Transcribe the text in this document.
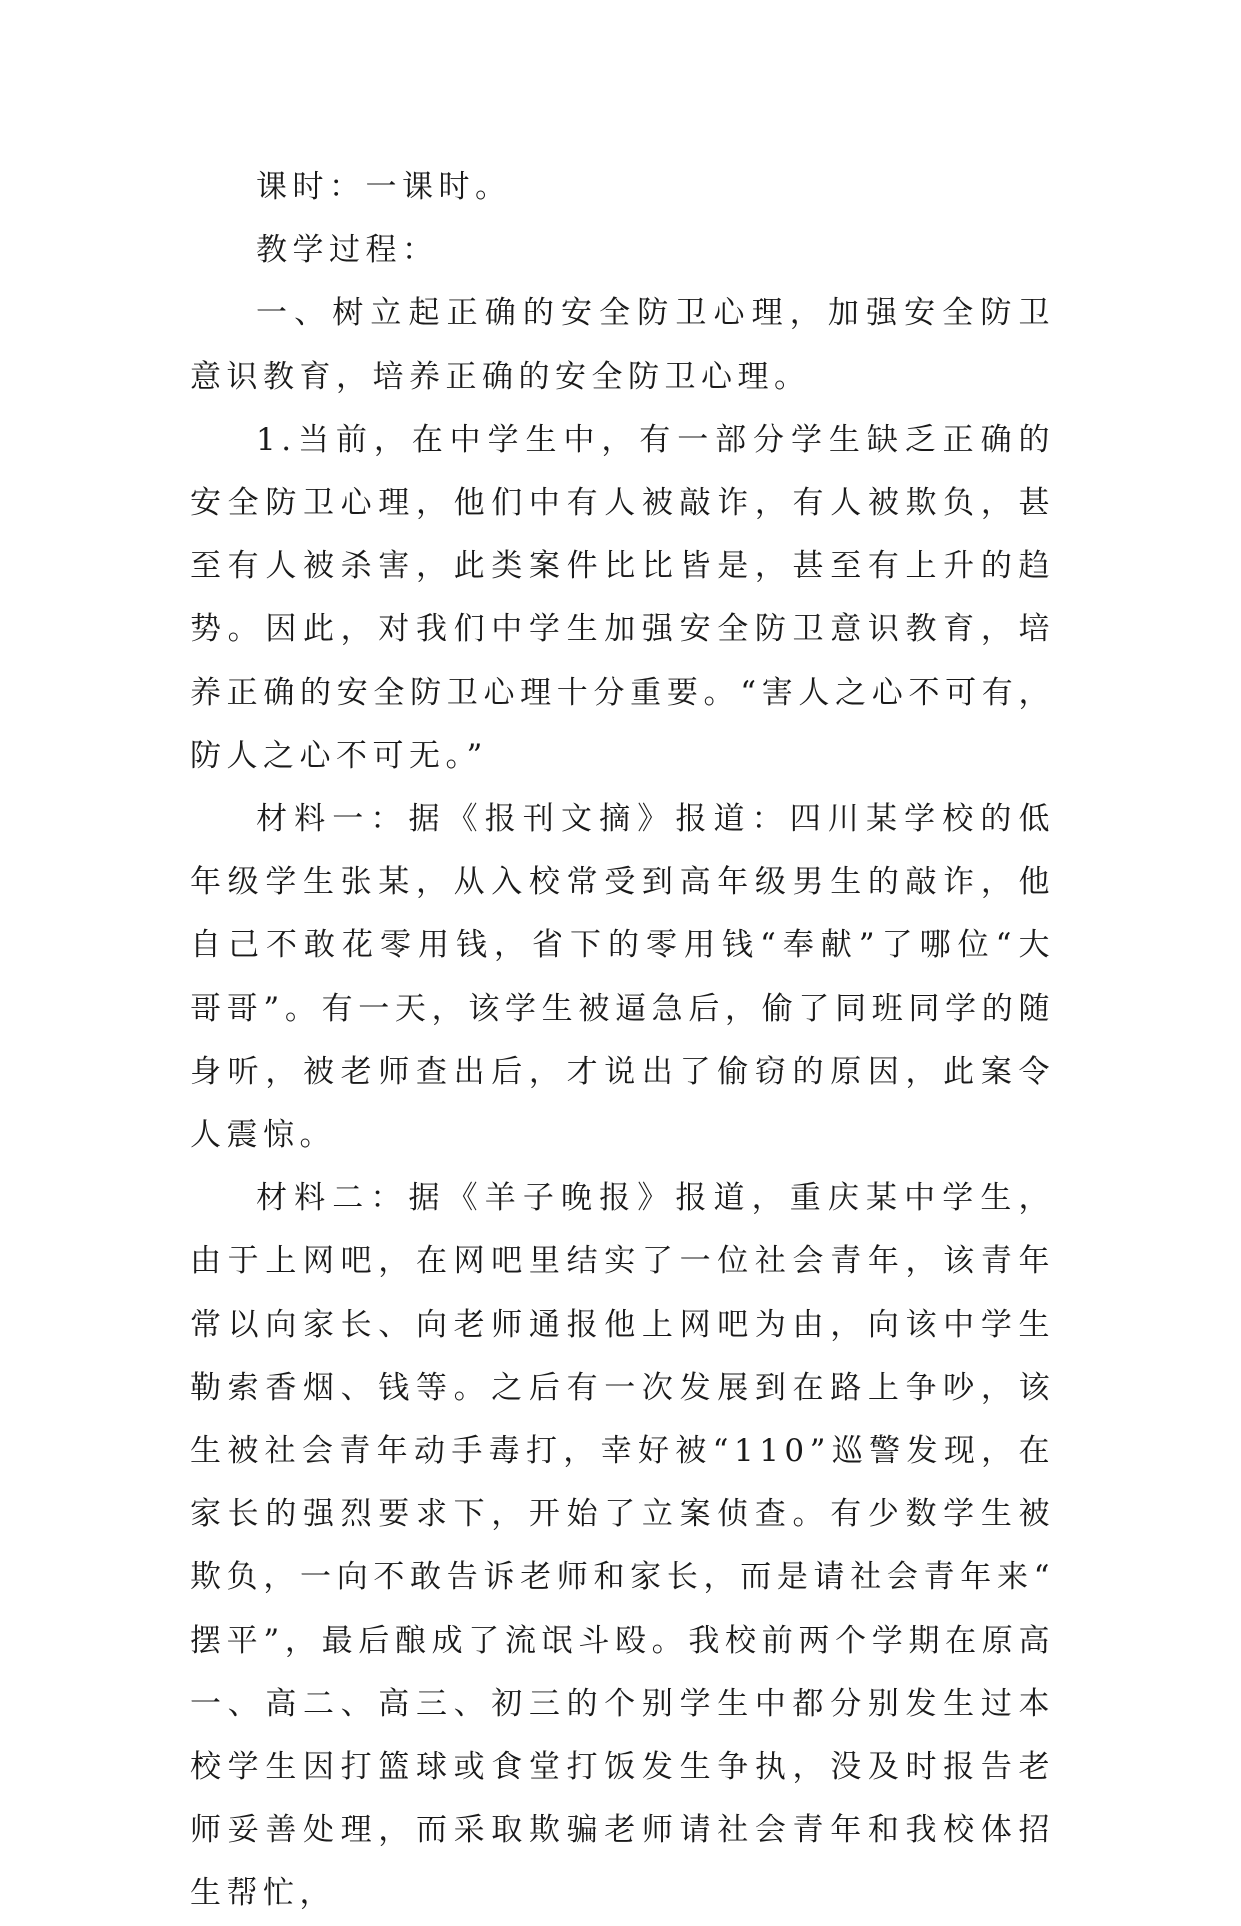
课时：一课时。

教学过程：

一、树立起正确的安全防卫心理，加强安全防卫意识教育，培养正确的安全防卫心理。

1.当前，在中学生中，有一部分学生缺乏正确的安全防卫心理，他们中有人被敲诈，有人被欺负，甚至有人被杀害，此类案件比比皆是，甚至有上升的趋势。因此，对我们中学生加强安全防卫意识教育，培养正确的安全防卫心理十分重要。“害人之心不可有，防人之心不可无。”

材料一：据《报刊文摘》报道：四川某学校的低年级学生张某，从入校常受到高年级男生的敲诈，他自己不敢花零用钱，省下的零用钱“奉献”了哪位“大哥哥”。有一天，该学生被逼急后，偷了同班同学的随身听，被老师查出后，才说出了偷窃的原因，此案令人震惊。

材料二：据《羊子晚报》报道，重庆某中学生，由于上网吧，在网吧里结实了一位社会青年，该青年常以向家长、向老师通报他上网吧为由，向该中学生勒索香烟、钱等。之后有一次发展到在路上争吵，该生被社会青年动手毒打，幸好被“110”巡警发现，在家长的强烈要求下，开始了立案侦查。有少数学生被欺负，一向不敢告诉老师和家长，而是请社会青年来“摆平”，最后酿成了流氓斗殴。我校前两个学期在原高一、高二、高三、初三的个别学生中都分别发生过本校学生因打篮球或食堂打饭发生争执，没及时报告老师妥善处理，而采取欺骗老师请社会青年和我校体招生帮忙，
